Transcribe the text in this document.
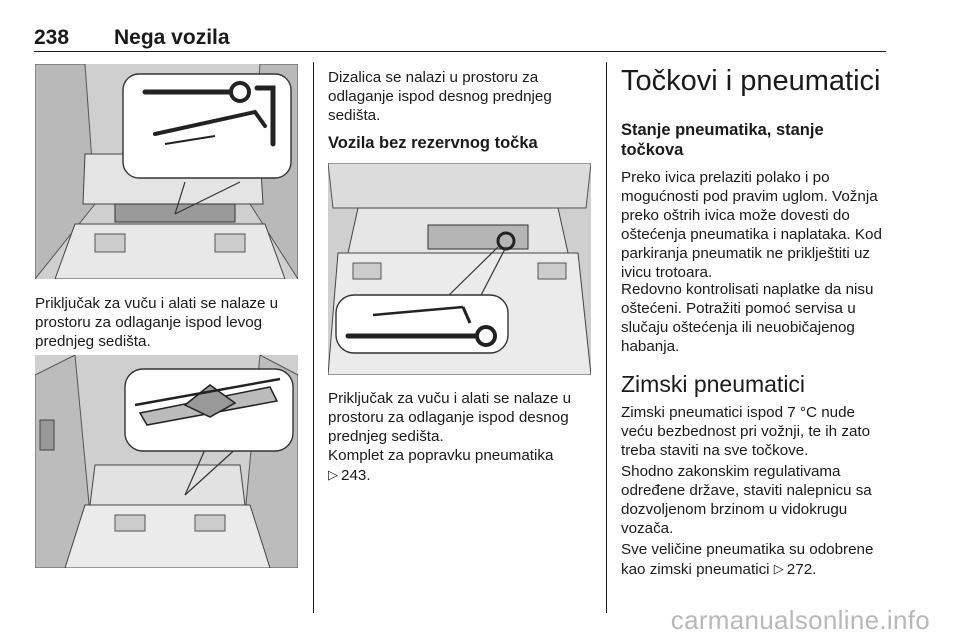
238 Nega vozila
Priključak za vuču i alati se nalaze u prostoru za odlaganje ispod levog prednjeg sedišta.
Dizalica se nalazi u prostoru za odlaganje ispod desnog prednjeg sedišta.
Vozila bez rezervnog točka
Priključak za vuču i alati se nalaze u prostoru za odlaganje ispod desnog prednjeg sedišta.
Komplet za popravku pneumatika
▷ 243.
Točkovi i pneumatici
Stanje pneumatika, stanje točkova
Preko ivica prelaziti polako i po mogućnosti pod pravim uglom. Vožnja preko oštrih ivica može dovesti do oštećenja pneumatika i naplataka. Kod parkiranja pneumatik ne priklještiti uz ivicu trotoara.
Redovno kontrolisati naplatke da nisu oštećeni. Potražiti pomoć servisa u slučaju oštećenja ili neuobičajenog habanja.
Zimski pneumatici
Zimski pneumatici ispod 7 °C nude veću bezbednost pri vožnji, te ih zato treba staviti na sve točkove.
Shodno zakonskim regulativama određene države, staviti nalepnicu sa dozvoljenom brzinom u vidokrugu vozača.
Sve veličine pneumatika su odobrene kao zimski pneumatici ▷ 272.
carmanualsonline.info
